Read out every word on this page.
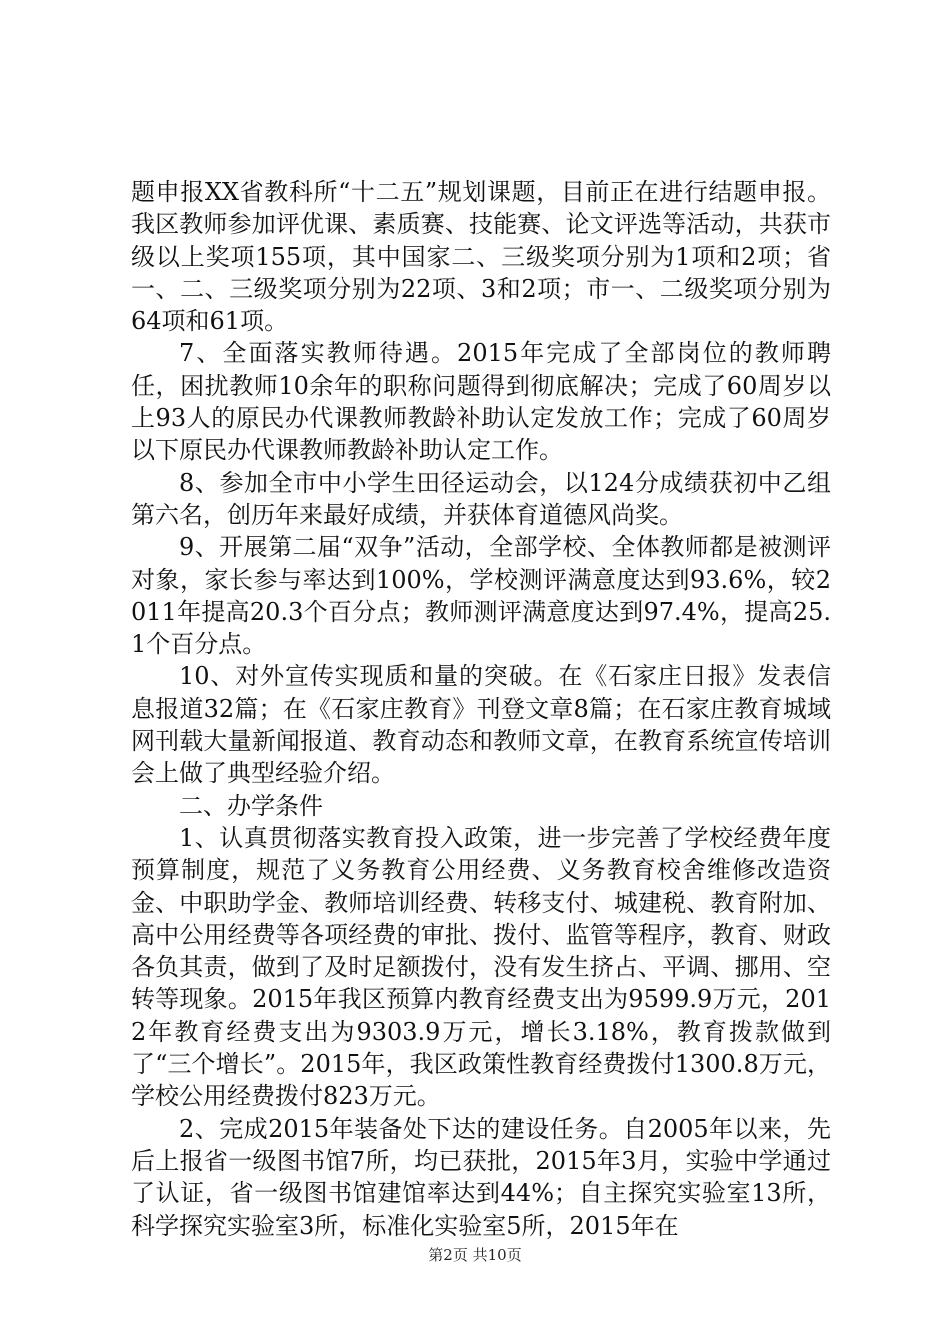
题申报XX省教科所“十二五”规划课题，目前正在进行结题申报。我区教师参加评优课、素质赛、技能赛、论文评选等活动，共获市级以上奖项155项，其中国家二、三级奖项分别为1项和2项；省一、二、三级奖项分别为22项、3和2项；市一、二级奖项分别为64项和61项。

7、全面落实教师待遇。2015年完成了全部岗位的教师聘任，困扰教师10余年的职称问题得到彻底解决；完成了60周岁以上93人的原民办代课教师教龄补助认定发放工作；完成了60周岁以下原民办代课教师教龄补助认定工作。

8、参加全市中小学生田径运动会，以124分成绩获初中乙组第六名，创历年来最好成绩，并获体育道德风尚奖。

9、开展第二届“双争”活动，全部学校、全体教师都是被测评对象，家长参与率达到100%，学校测评满意度达到93.6%，较2011年提高20.3个百分点；教师测评满意度达到97.4%，提高25.1个百分点。

10、对外宣传实现质和量的突破。在《石家庄日报》发表信息报道32篇；在《石家庄教育》刊登文章8篇；在石家庄教育城域网刊载大量新闻报道、教育动态和教师文章，在教育系统宣传培训会上做了典型经验介绍。

二、办学条件

1、认真贯彻落实教育投入政策，进一步完善了学校经费年度预算制度，规范了义务教育公用经费、义务教育校舍维修改造资金、中职助学金、教师培训经费、转移支付、城建税、教育附加、高中公用经费等各项经费的审批、拨付、监管等程序，教育、财政各负其责，做到了及时足额拨付，没有发生挤占、平调、挪用、空转等现象。2015年我区预算内教育经费支出为9599.9万元，2012年教育经费支出为9303.9万元，增长3.18%，教育拨款做到了“三个增长”。2015年，我区政策性教育经费拨付1300.8万元，学校公用经费拨付823万元。

2、完成2015年装备处下达的建设任务。自2005年以来，先后上报省一级图书馆7所，均已获批，2015年3月，实验中学通过了认证，省一级图书馆建馆率达到44%；自主探究实验室13所，科学探究实验室3所，标准化实验室5所，2015年在

第2页 共10页
